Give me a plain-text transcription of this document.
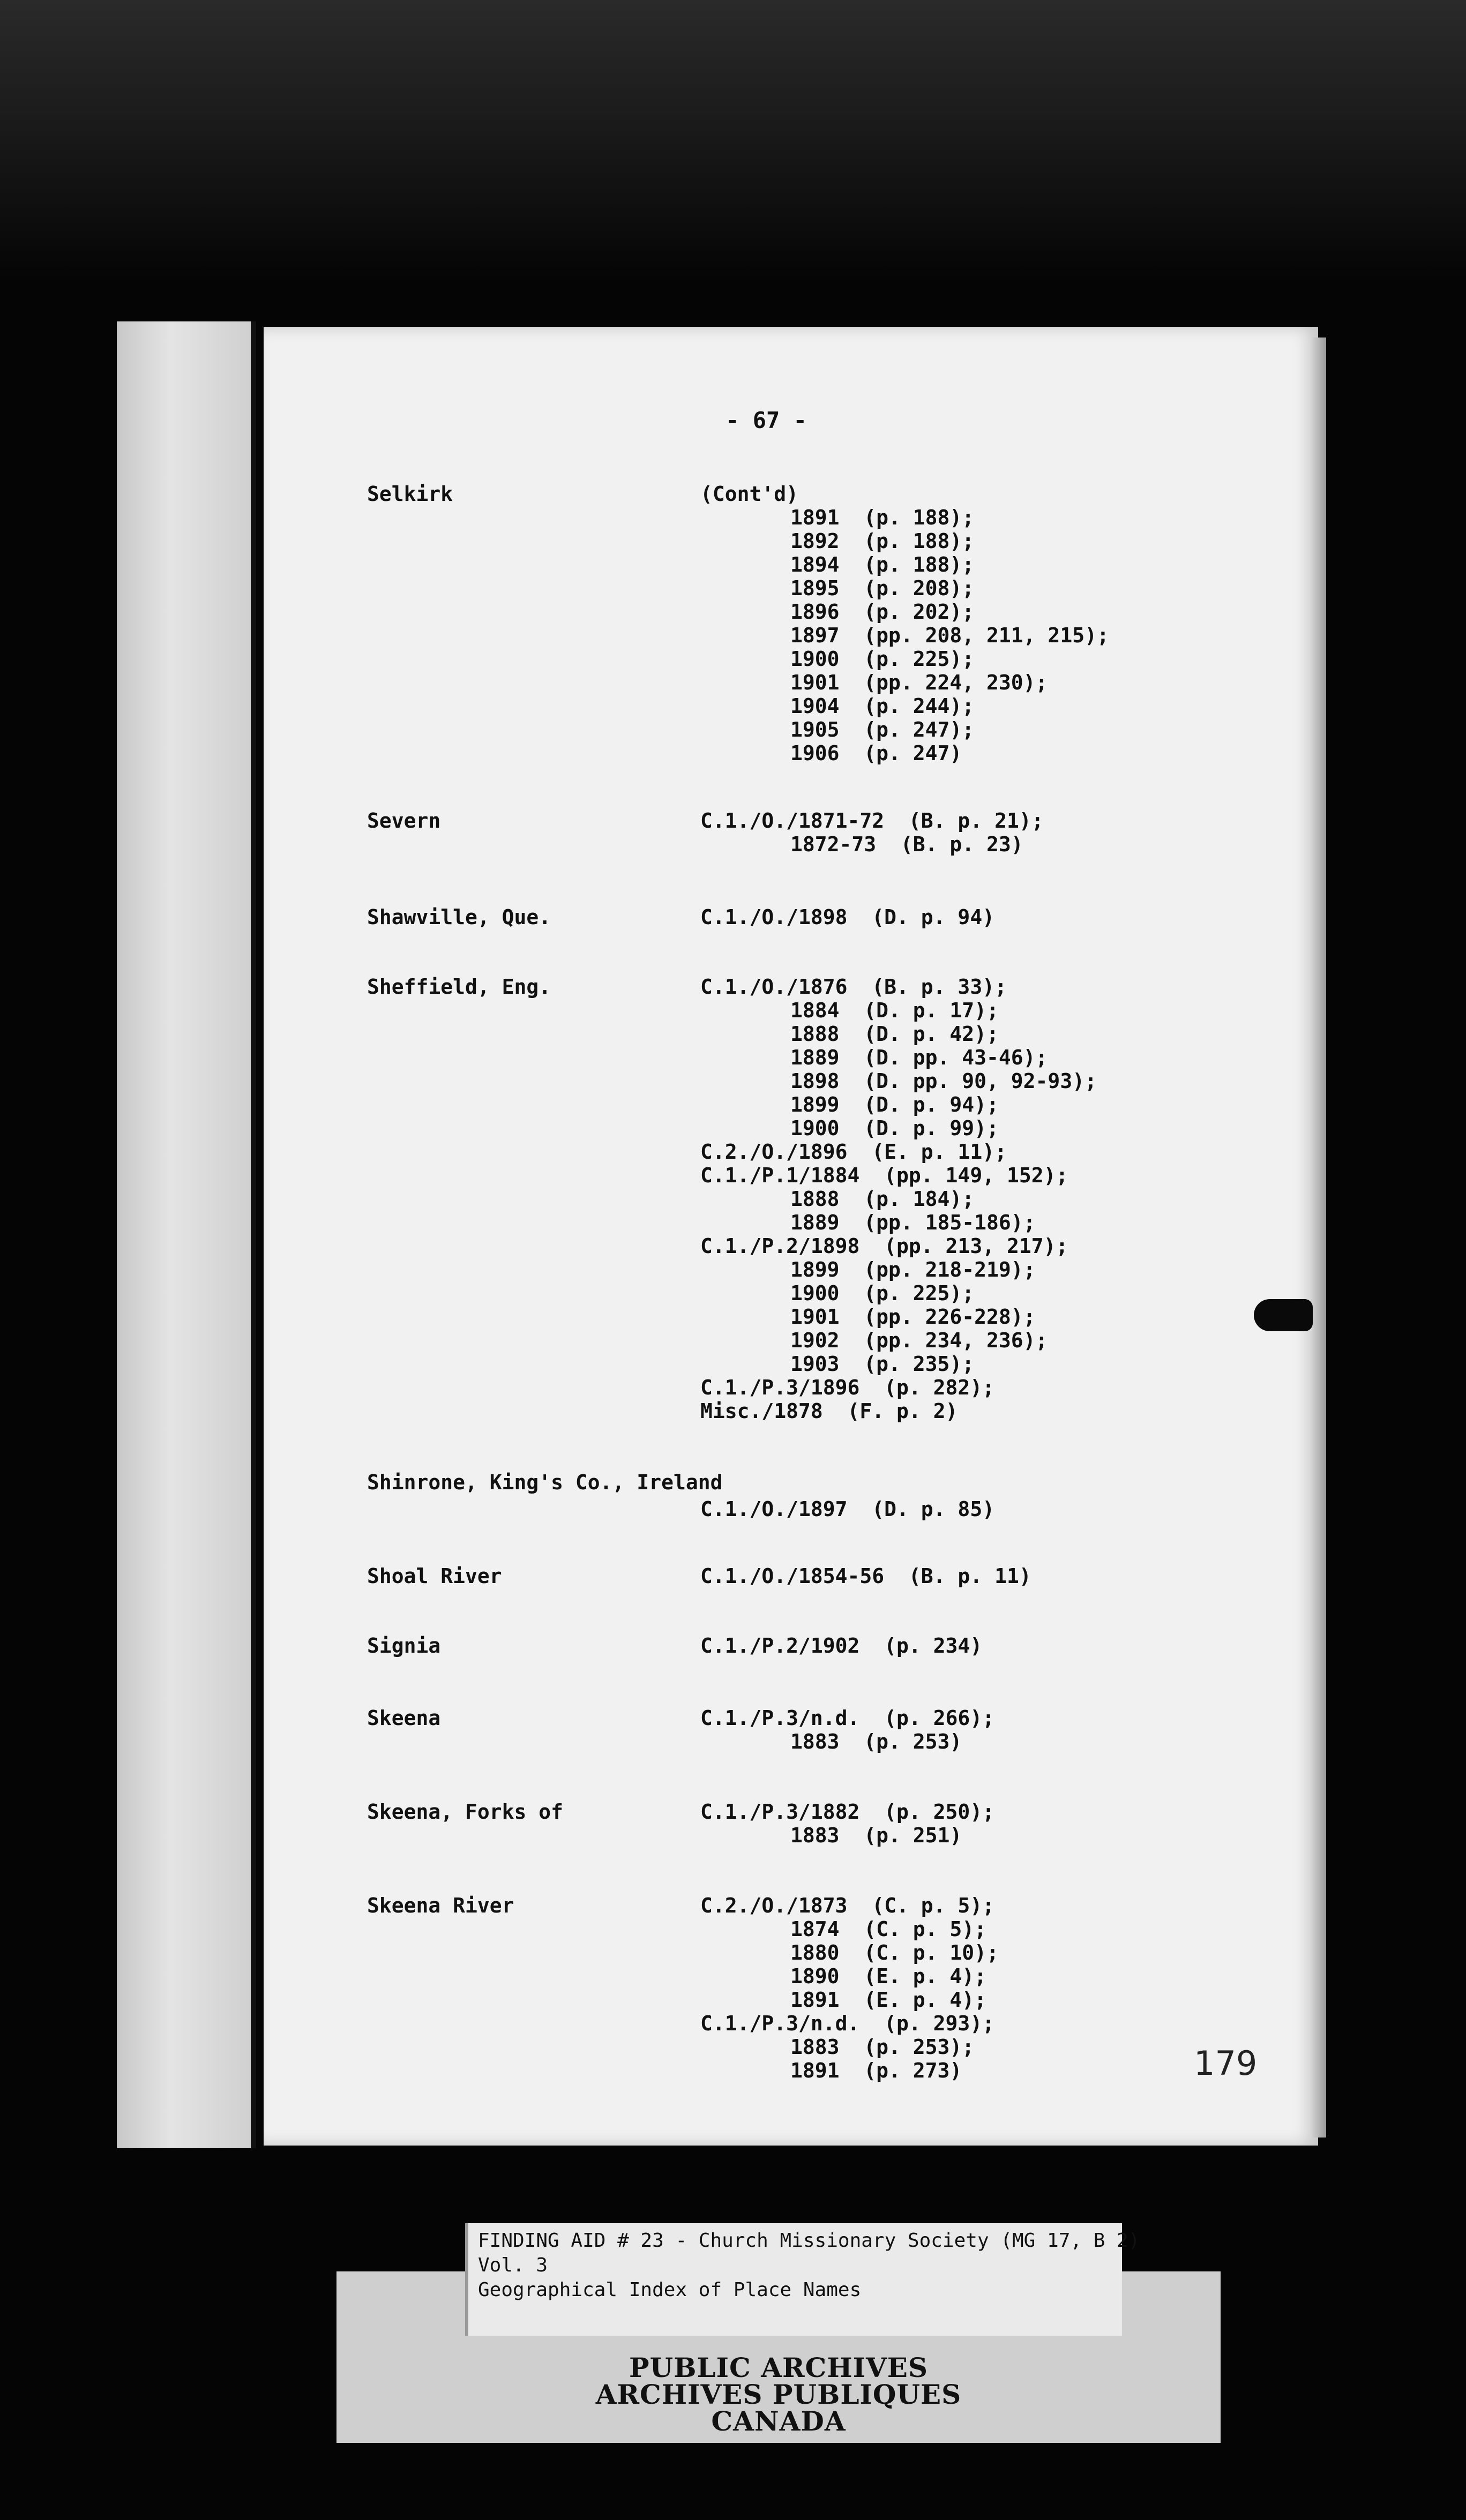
- 67 -
Selkirk	(Cont'd)
1891  (p. 188);
1892  (p. 188);
1894  (p. 188);
1895  (p. 208);
1896  (p. 202);
1897  (pp. 208, 211, 215);
1900  (p. 225);
1901  (pp. 224, 230);
1904  (p. 244);
1905  (p. 247);
1906  (p. 247)
Severn	C.1./O./1871-72  (B. p. 21);
1872-73  (B. p. 23)
Shawville, Que.	C.1./O./1898  (D. p. 94)
Sheffield, Eng.	C.1./O./1876  (B. p. 33);
1884  (D. p. 17);
1888  (D. p. 42);
1889  (D. pp. 43-46);
1898  (D. pp. 90, 92-93);
1899  (D. p. 94);
1900  (D. p. 99);
C.2./O./1896  (E. p. 11);
C.1./P.1/1884  (pp. 149, 152);
1888  (p. 184);
1889  (pp. 185-186);
C.1./P.2/1898  (pp. 213, 217);
1899  (pp. 218-219);
1900  (p. 225);
1901  (pp. 226-228);
1902  (pp. 234, 236);
1903  (p. 235);
C.1./P.3/1896  (p. 282);
Misc./1878  (F. p. 2)
Shinrone, King's Co., Ireland
C.1./O./1897  (D. p. 85)
Shoal River	C.1./O./1854-56  (B. p. 11)
Signia	C.1./P.2/1902  (p. 234)
Skeena	C.1./P.3/n.d.  (p. 266);
1883  (p. 253)
Skeena, Forks of	C.1./P.3/1882  (p. 250);
1883  (p. 251)
Skeena River	C.2./O./1873  (C. p. 5);
1874  (C. p. 5);
1880  (C. p. 10);
1890  (E. p. 4);
1891  (E. p. 4);
C.1./P.3/n.d.  (p. 293);
1883  (p. 253);
1891  (p. 273)	179
PUBLIC ARCHIVES
ARCHIVES PUBLIQUES
CANADA
FINDING AID # 23 - Church Missionary Society (MG 17, B 2)
Vol. 3
Geographical Index of Place Names
